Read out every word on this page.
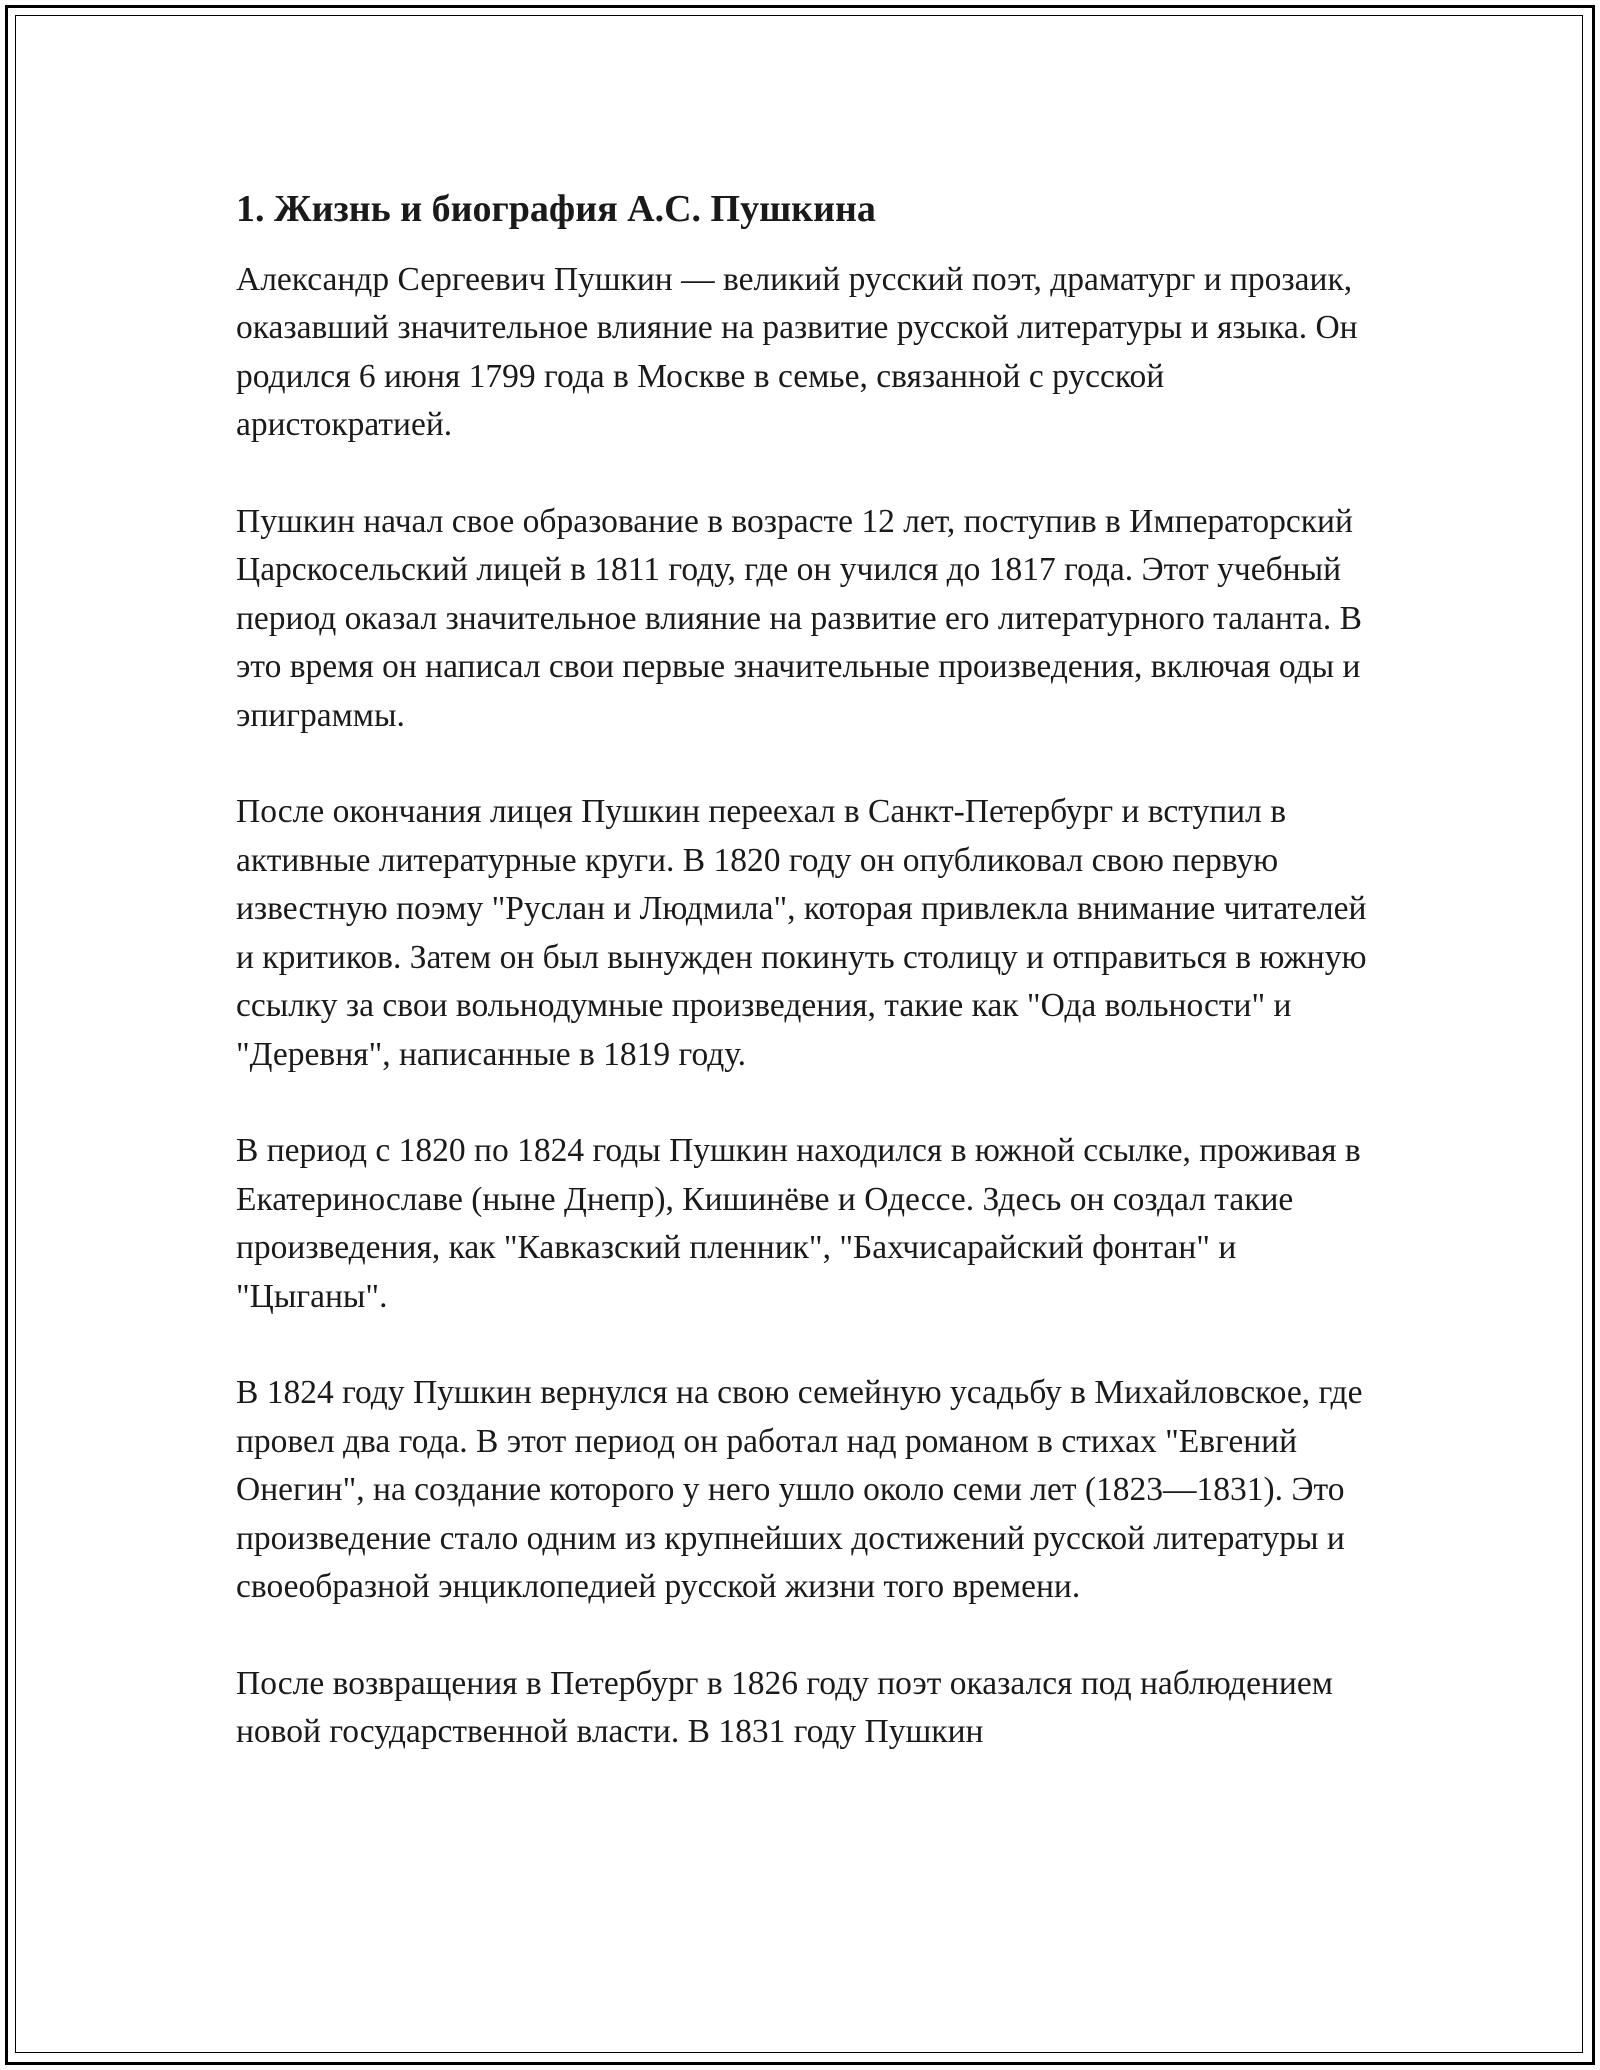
1. Жизнь и биография А.С. Пушкина

Александр Сергеевич Пушкин — великий русский поэт, драматург и прозаик, оказавший значительное влияние на развитие русской литературы и языка. Он родился 6 июня 1799 года в Москве в семье, связанной с русской аристократией.

Пушкин начал свое образование в возрасте 12 лет, поступив в Императорский Царскосельский лицей в 1811 году, где он учился до 1817 года. Этот учебный период оказал значительное влияние на развитие его литературного таланта. В это время он написал свои первые значительные произведения, включая оды и эпиграммы.

После окончания лицея Пушкин переехал в Санкт-Петербург и вступил в активные литературные круги. В 1820 году он опубликовал свою первую известную поэму "Руслан и Людмила", которая привлекла внимание читателей и критиков. Затем он был вынужден покинуть столицу и отправиться в южную ссылку за свои вольнодумные произведения, такие как "Ода вольности" и "Деревня", написанные в 1819 году.

В период с 1820 по 1824 годы Пушкин находился в южной ссылке, проживая в Екатеринославе (ныне Днепр), Кишинёве и Одессе. Здесь он создал такие произведения, как "Кавказский пленник", "Бахчисарайский фонтан" и "Цыганы".

В 1824 году Пушкин вернулся на свою семейную усадьбу в Михайловское, где провел два года. В этот период он работал над романом в стихах "Евгений Онегин", на создание которого у него ушло около семи лет (1823—1831). Это произведение стало одним из крупнейших достижений русской литературы и своеобразной энциклопедией русской жизни того времени.

После возвращения в Петербург в 1826 году поэт оказался под наблюдением новой государственной власти. В 1831 году Пушкин
